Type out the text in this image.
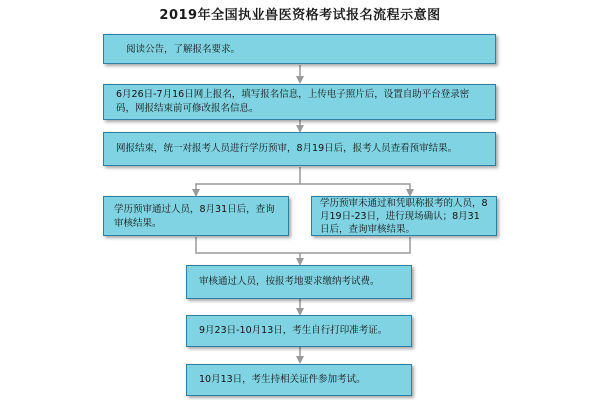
2019年全国执业兽医资格考试报名流程示意图
阅读公告，了解报名要求。
6月26日-7月16日网上报名，填写报名信息，上传电子照片后，设置自助平台登录密码，网报结束前可修改报名信息。
网报结束，统一对报考人员进行学历预审，8月19日后，报考人员查看预审结果。
学历预审通过人员，8月31日后，查询审核结果。
学历预审未通过和凭职称报考的人员，8月19日-23日，进行现场确认；8月31日后，查询审核结果。
审核通过人员，按报考地要求缴纳考试费。
9月23日-10月13日，考生自行打印准考证。
10月13日，考生持相关证件参加考试。
